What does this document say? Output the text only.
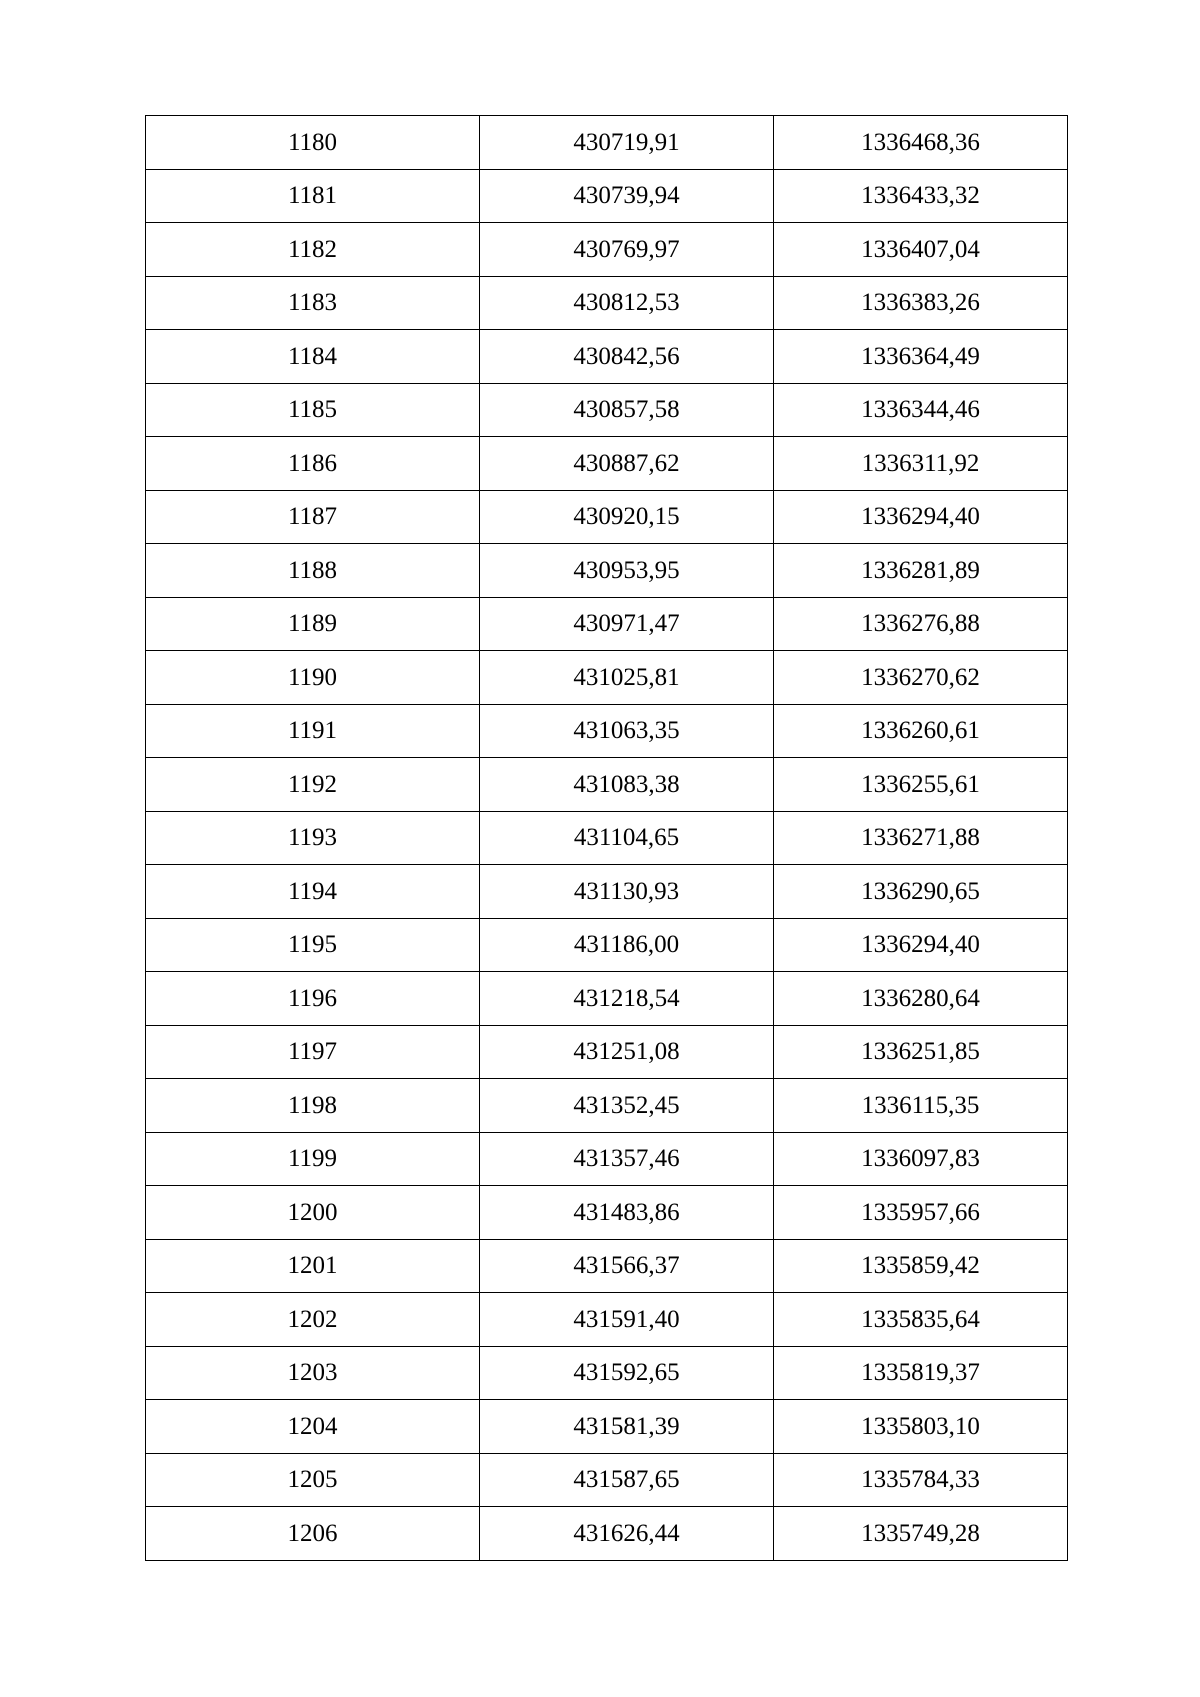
1180	430719,91	1336468,36
1181	430739,94	1336433,32
1182	430769,97	1336407,04
1183	430812,53	1336383,26
1184	430842,56	1336364,49
1185	430857,58	1336344,46
1186	430887,62	1336311,92
1187	430920,15	1336294,40
1188	430953,95	1336281,89
1189	430971,47	1336276,88
1190	431025,81	1336270,62
1191	431063,35	1336260,61
1192	431083,38	1336255,61
1193	431104,65	1336271,88
1194	431130,93	1336290,65
1195	431186,00	1336294,40
1196	431218,54	1336280,64
1197	431251,08	1336251,85
1198	431352,45	1336115,35
1199	431357,46	1336097,83
1200	431483,86	1335957,66
1201	431566,37	1335859,42
1202	431591,40	1335835,64
1203	431592,65	1335819,37
1204	431581,39	1335803,10
1205	431587,65	1335784,33
1206	431626,44	1335749,28
